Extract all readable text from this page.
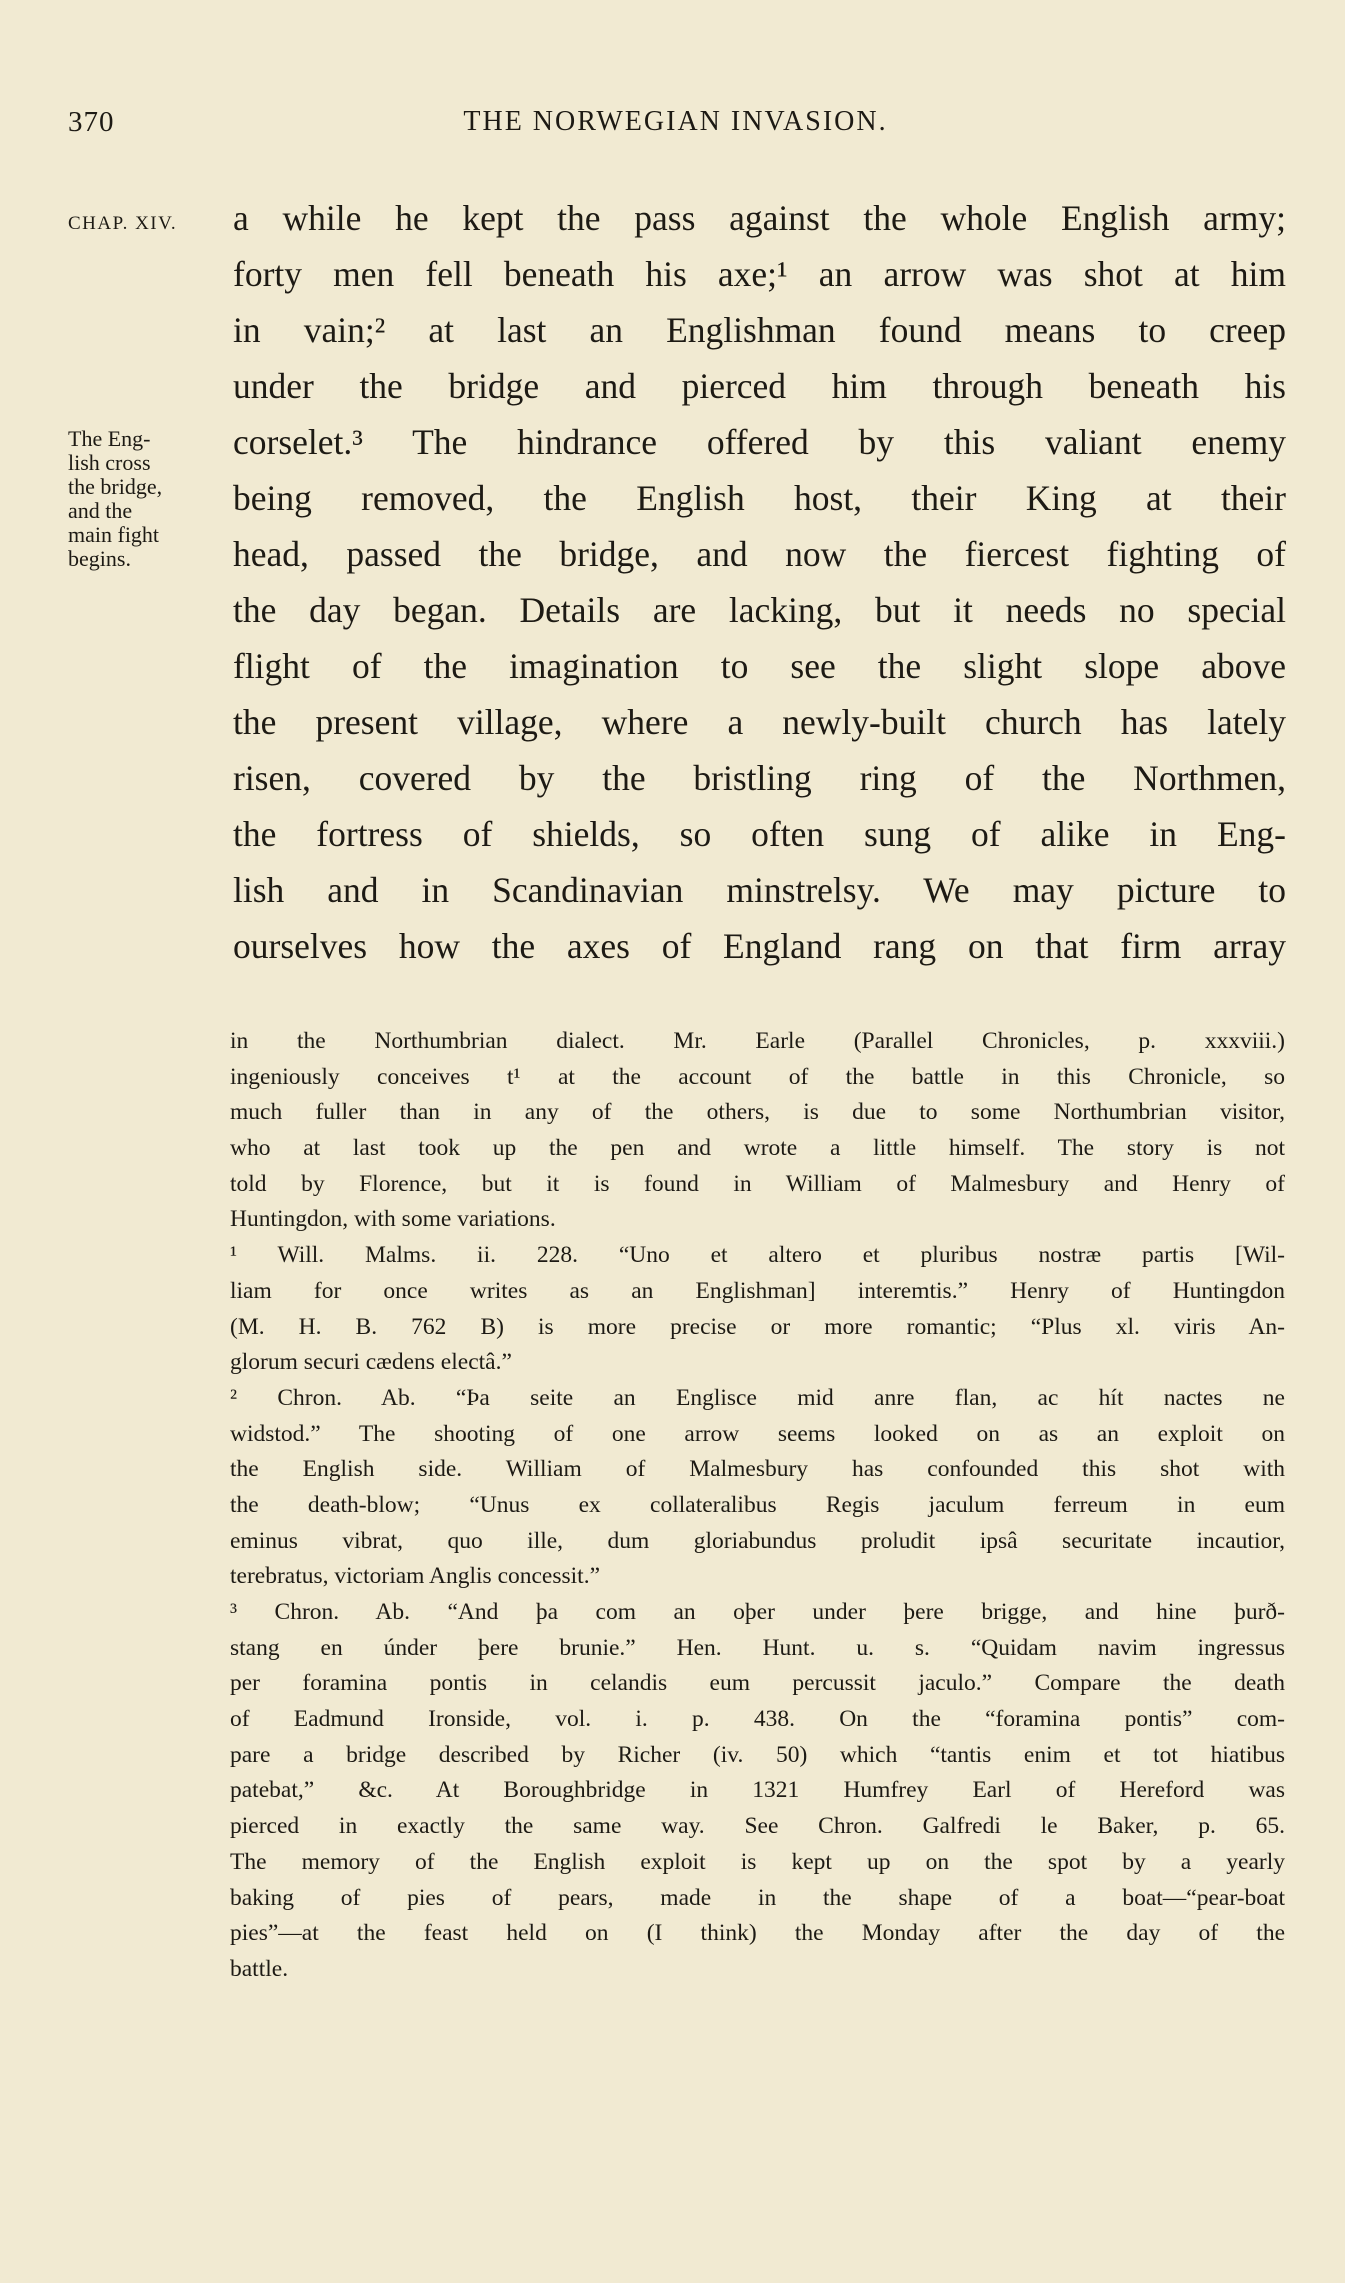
370	THE NORWEGIAN INVASION.
CHAP. XIV.
The Eng-
lish cross
the bridge,
and the
main fight
begins.
a while he kept the pass against the whole English army;
forty men fell beneath his axe;¹ an arrow was shot at him
in vain;² at last an Englishman found means to creep
under the bridge and pierced him through beneath his
corselet.³ The hindrance offered by this valiant enemy
being removed, the English host, their King at their
head, passed the bridge, and now the fiercest fighting of
the day began. Details are lacking, but it needs no special
flight of the imagination to see the slight slope above
the present village, where a newly-built church has lately
risen, covered by the bristling ring of the Northmen,
the fortress of shields, so often sung of alike in Eng-
lish and in Scandinavian minstrelsy. We may picture to
ourselves how the axes of England rang on that firm array
in the Northumbrian dialect. Mr. Earle (Parallel Chronicles, p. xxxviii.)
ingeniously conceives t¹ at the account of the battle in this Chronicle, so
much fuller than in any of the others, is due to some Northumbrian visitor,
who at last took up the pen and wrote a little himself. The story is not
told by Florence, but it is found in William of Malmesbury and Henry of
Huntingdon, with some variations.
¹ Will. Malms. ii. 228. “Uno et altero et pluribus nostræ partis [Wil-
liam for once writes as an Englishman] interemtis.” Henry of Huntingdon
(M. H. B. 762 B) is more precise or more romantic; “Plus xl. viris An-
glorum securi cædens electâ.”
² Chron. Ab. “Þa seite an Englisce mid anre flan, ac hít nactes ne
widstod.” The shooting of one arrow seems looked on as an exploit on
the English side. William of Malmesbury has confounded this shot with
the death-blow; “Unus ex collateralibus Regis jaculum ferreum in eum
eminus vibrat, quo ille, dum gloriabundus proludit ipsâ securitate incautior,
terebratus, victoriam Anglis concessit.”
³ Chron. Ab. “And þa com an oþer under þere brigge, and hine þurð-
stang en únder þere brunie.” Hen. Hunt. u. s. “Quidam navim ingressus
per foramina pontis in celandis eum percussit jaculo.” Compare the death
of Eadmund Ironside, vol. i. p. 438. On the “foramina pontis” com-
pare a bridge described by Richer (iv. 50) which “tantis enim et tot hiatibus
patebat,” &c. At Boroughbridge in 1321 Humfrey Earl of Hereford was
pierced in exactly the same way. See Chron. Galfredi le Baker, p. 65.
The memory of the English exploit is kept up on the spot by a yearly
baking of pies of pears, made in the shape of a boat—“pear-boat
pies”—at the feast held on (I think) the Monday after the day of the
battle.
